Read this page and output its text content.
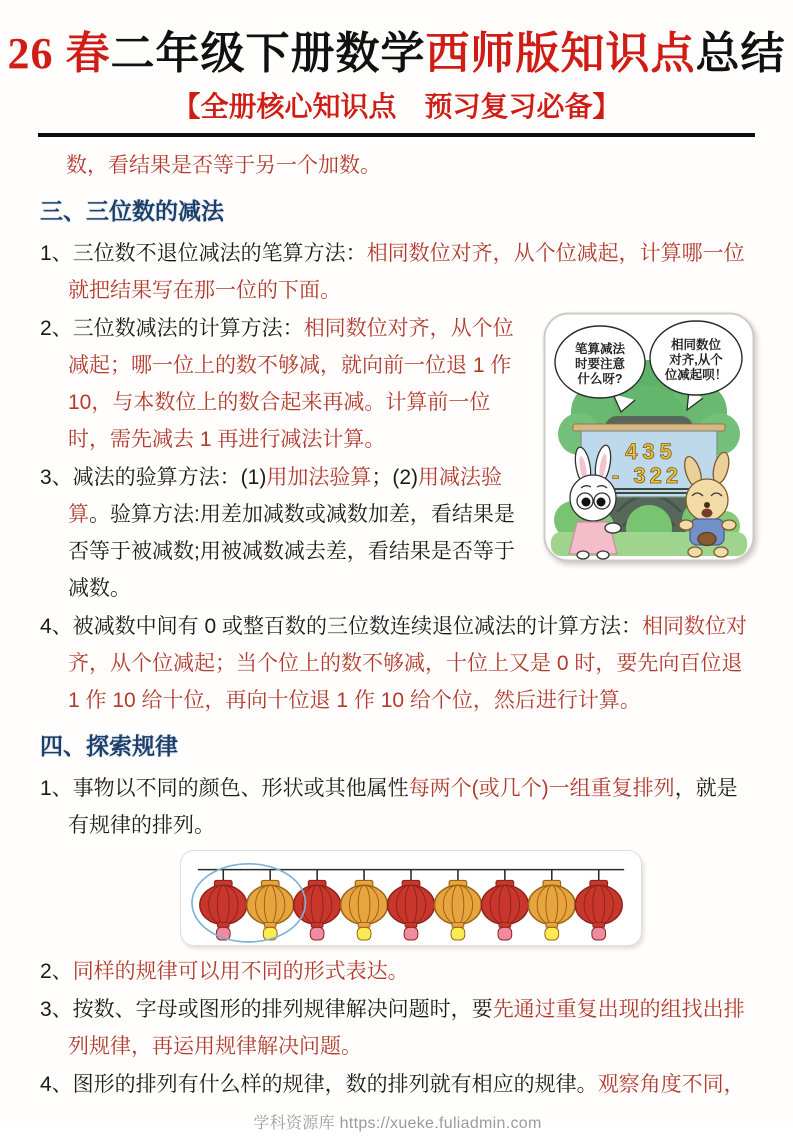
26 春二年级下册数学西师版知识点总结
【全册核心知识点　预习复习必备】

数，看结果是否等于另一个加数。

三、三位数的减法

1、三位数不退位减法的笔算方法：相同数位对齐，从个位减起，计算哪一位就把结果写在那一位的下面。

435
- 322
笔算减法
时要注意
什么呀?
相同数位
对齐,从个
位减起呗！

2、三位数减法的计算方法：相同数位对齐，从个位减起；哪一位上的数不够减，就向前一位退 1 作 10，与本数位上的数合起来再减。计算前一位时，需先减去 1 再进行减法计算。

3、减法的验算方法：(1)用加法验算；(2)用减法验算。验算方法:用差加减数或减数加差，看结果是否等于被减数;用被减数减去差，看结果是否等于减数。

4、被减数中间有 0 或整百数的三位数连续退位减法的计算方法：相同数位对齐，从个位减起；当个位上的数不够减，十位上又是 0 时，要先向百位退 1 作 10 给十位，再向十位退 1 作 10 给个位，然后进行计算。

四、探索规律

1、事物以不同的颜色、形状或其他属性每两个(或几个)一组重复排列，就是有规律的排列。

2、同样的规律可以用不同的形式表达。

3、按数、字母或图形的排列规律解决问题时，要先通过重复出现的组找出排列规律，再运用规律解决问题。

4、图形的排列有什么样的规律，数的排列就有相应的规律。观察角度不同，

学科资源库 https://xueke.fuliadmin.com
